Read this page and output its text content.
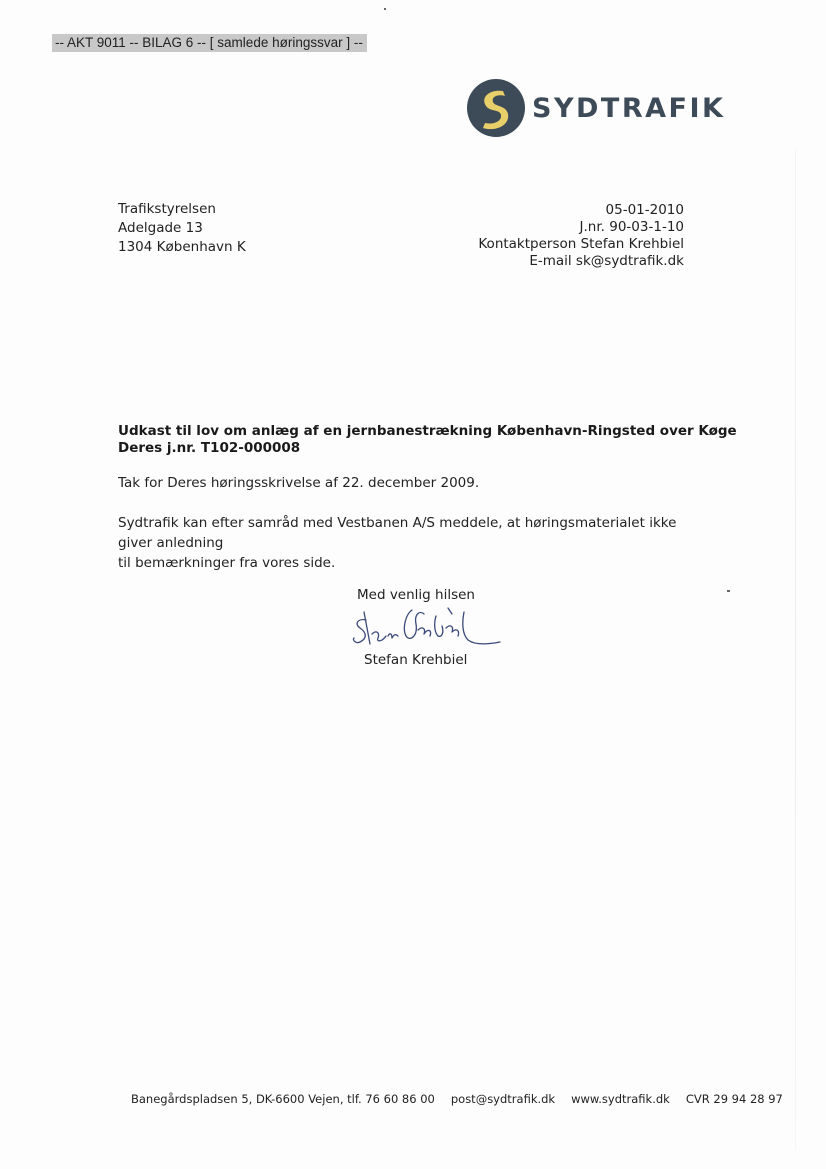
-- AKT 9011 -- BILAG 6 -- [ samlede høringssvar ] --
SYDTRAFIK
Trafikstyrelsen
Adelgade 13
1304 København K
05-01-2010
J.nr. 90-03-1-10
Kontaktperson Stefan Krehbiel
E-mail sk@sydtrafik.dk
Udkast til lov om anlæg af en jernbanestrækning København-Ringsted over Køge
Deres j.nr. T102-000008
Tak for Deres høringsskrivelse af 22. december 2009.
Sydtrafik kan efter samråd med Vestbanen A/S meddele, at høringsmaterialet ikke giver anledning
til bemærkninger fra vores side.
Med venlig hilsen
Stefan Krehbiel
Banegårdspladsen 5, DK-6600 Vejen, tlf. 76 60 86 00 post@sydtrafik.dk www.sydtrafik.dk CVR 29 94 28 97
